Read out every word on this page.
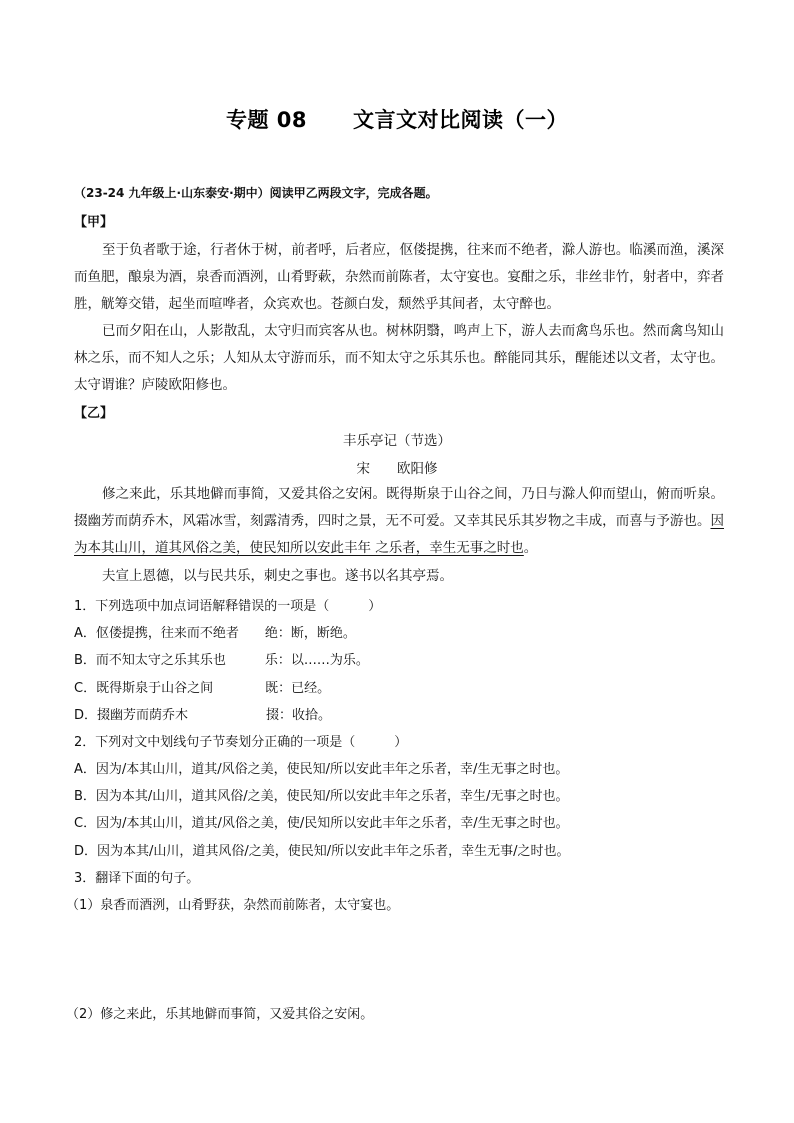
专题 08 文言文对比阅读（一）
（23-24 九年级上·山东泰安·期中）阅读甲乙两段文字，完成各题。
【甲】

至于负者歌于途，行者休于树，前者呼，后者应，伛偻提携，往来而不绝者，滁人游也。临溪而渔，溪深而鱼肥，酿泉为酒，泉香而酒洌，山肴野蔌，杂然而前陈者，太守宴也。宴酣之乐，非丝非竹，射者中，弈者胜，觥筹交错，起坐而喧哗者，众宾欢也。苍颜白发，颓然乎其间者，太守醉也。

已而夕阳在山，人影散乱，太守归而宾客从也。树林阴翳，鸣声上下，游人去而禽鸟乐也。然而禽鸟知山林之乐，而不知人之乐；人知从太守游而乐，而不知太守之乐其乐也。醉能同其乐，醒能述以文者，太守也。太守谓谁？庐陵欧阳修也。

【乙】
丰乐亭记（节选）
宋　　欧阳修

修之来此，乐其地僻而事简，又爱其俗之安闲。既得斯泉于山谷之间，乃日与滁人仰而望山，俯而听泉。掇幽芳而荫乔木，风霜冰雪，刻露清秀，四时之景，无不可爱。又幸其民乐其岁物之丰成，而喜与予游也。因为本其山川，道其风俗之美，使民知所以安此丰年 之乐者，幸生无事之时也。

夫宣上恩德，以与民共乐，刺史之事也。遂书以名其亭焉。

1．下列选项中加点词语解释错误的一项是（　　　）
A．伛偻提携，往来而不绝者　　绝：断，断绝。
B．而不知太守之乐其乐也　　　乐：以……为乐。
C．既得斯泉于山谷之间　　　　既：已经。
D．掇幽芳而荫乔木　　　　　　掇：收拾。
2．下列对文中划线句子节奏划分正确的一项是（　　　）
A．因为/本其山川，道其/风俗之美，使民知/所以安此丰年之乐者，幸/生无事之时也。
B．因为本其/山川，道其风俗/之美，使民知/所以安此丰年之乐者，幸生/无事之时也。
C．因为/本其山川，道其/风俗之美，使/民知所以安此丰年之乐者，幸/生无事之时也。
D．因为本其/山川，道其风俗/之美，使民知/所以安此丰年之乐者，幸生无事/之时也。
3．翻译下面的句子。
（1）泉香而酒洌，山肴野获，杂然而前陈者，太守宴也。
（2）修之来此，乐其地僻而事简，又爱其俗之安闲。
